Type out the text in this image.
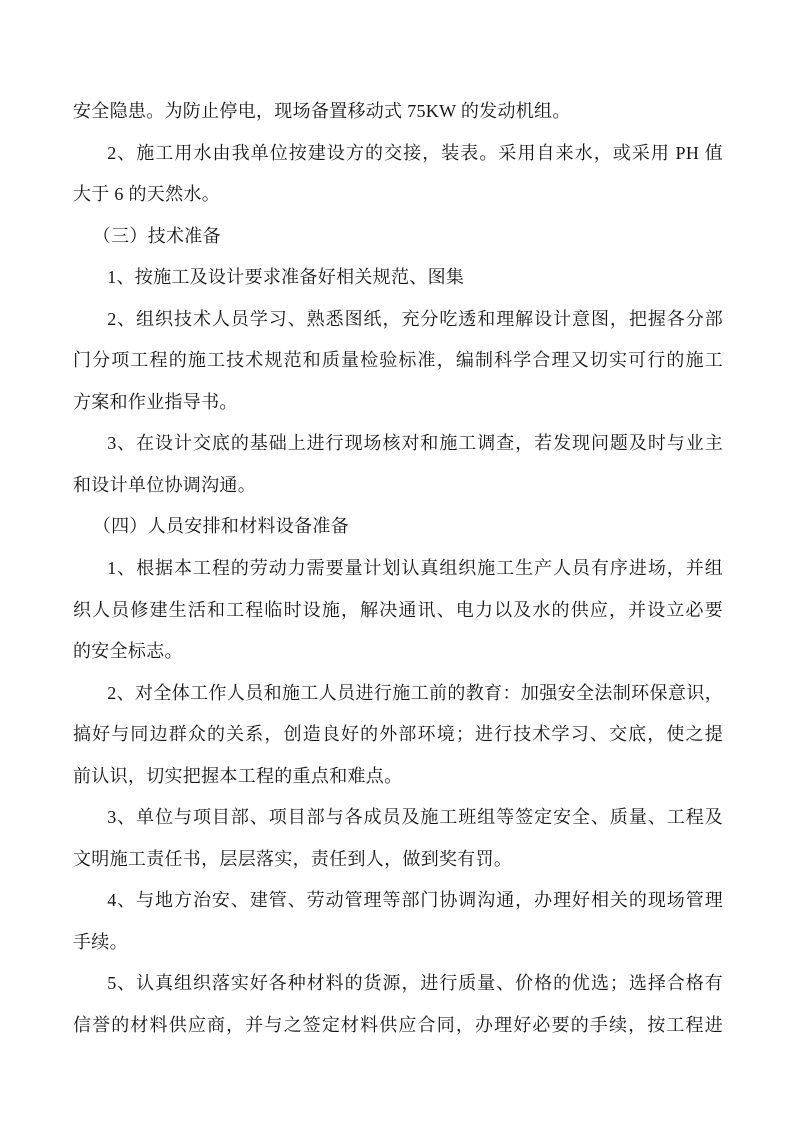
安全隐患。为防止停电，现场备置移动式 75KW 的发动机组。
2、施工用水由我单位按建设方的交接，装表。采用自来水，或采用 PH 值
大于 6 的天然水。
（三）技术准备
1、按施工及设计要求准备好相关规范、图集
2、组织技术人员学习、熟悉图纸，充分吃透和理解设计意图，把握各分部
门分项工程的施工技术规范和质量检验标准，编制科学合理又切实可行的施工
方案和作业指导书。
3、在设计交底的基础上进行现场核对和施工调查，若发现问题及时与业主
和设计单位协调沟通。
（四）人员安排和材料设备准备
1、根据本工程的劳动力需要量计划认真组织施工生产人员有序进场，并组
织人员修建生活和工程临时设施，解决通讯、电力以及水的供应，并设立必要
的安全标志。
2、对全体工作人员和施工人员进行施工前的教育：加强安全法制环保意识，
搞好与同边群众的关系，创造良好的外部环境；进行技术学习、交底，使之提
前认识，切实把握本工程的重点和难点。
3、单位与项目部、项目部与各成员及施工班组等签定安全、质量、工程及
文明施工责任书，层层落实，责任到人，做到奖有罚。
4、与地方治安、建管、劳动管理等部门协调沟通，办理好相关的现场管理
手续。
5、认真组织落实好各种材料的货源，进行质量、价格的优选；选择合格有
信誉的材料供应商，并与之签定材料供应合同，办理好必要的手续，按工程进
